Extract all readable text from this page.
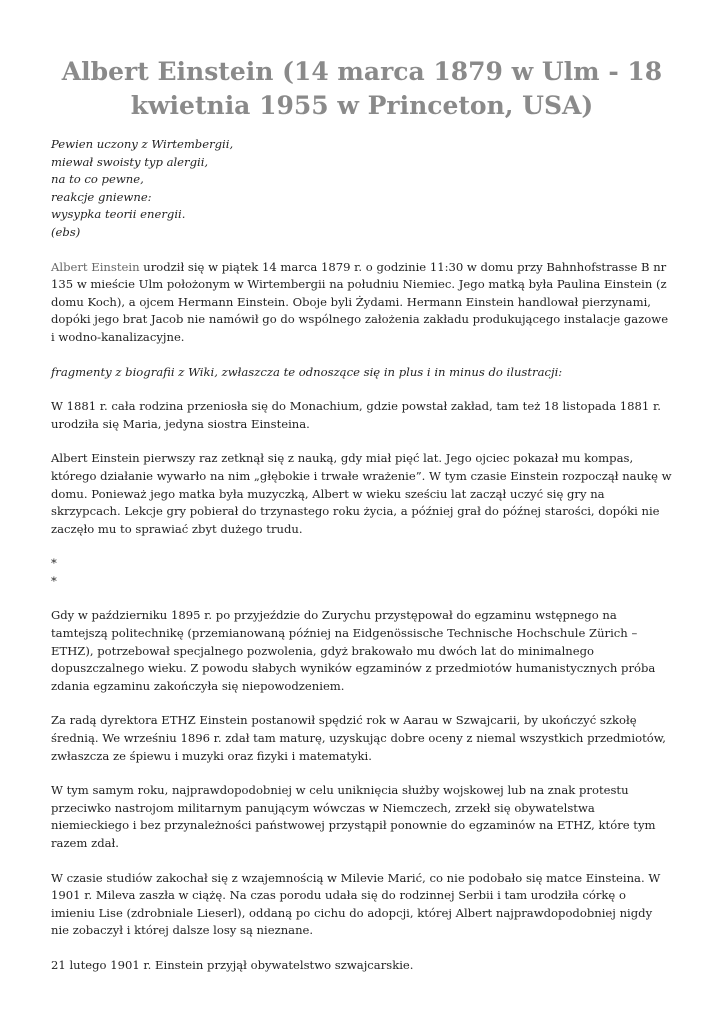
Albert Einstein (14 marca 1879 w Ulm - 18 kwietnia 1955 w Princeton, USA)

Pewien uczony z Wirtembergii,
miewał swoisty typ alergii,
na to co pewne,
reakcje gniewne:
wysypka teorii energii.

(ebs)

Albert Einstein urodził się w piątek 14 marca 1879 r. o godzinie 11:30 w domu przy Bahnhofstrasse B nr 135 w mieście Ulm położonym w Wirtembergii na południu Niemiec. Jego matką była Paulina Einstein (z domu Koch), a ojcem Hermann Einstein. Oboje byli Żydami. Hermann Einstein handlował pierzynami, dopóki jego brat Jacob nie namówił go do wspólnego założenia zakładu produkującego instalacje gazowe i wodno-kanalizacyjne.

fragmenty z biografii z Wiki, zwłaszcza te odnoszące się in plus i in minus do ilustracji:

W 1881 r. cała rodzina przeniosła się do Monachium, gdzie powstał zakład, tam też 18 listopada 1881 r. urodziła się Maria, jedyna siostra Einsteina.

Albert Einstein pierwszy raz zetknął się z nauką, gdy miał pięć lat. Jego ojciec pokazał mu kompas, którego działanie wywarło na nim „głębokie i trwałe wrażenie”. W tym czasie Einstein rozpoczął naukę w domu. Ponieważ jego matka była muzyczką, Albert w wieku sześciu lat zaczął uczyć się gry na skrzypcach. Lekcje gry pobierał do trzynastego roku życia, a później grał do późnej starości, dopóki nie zaczęło mu to sprawiać zbyt dużego trudu.

*
*

Gdy w październiku 1895 r. po przyjeździe do Zurychu przystępował do egzaminu wstępnego na tamtejszą politechnikę (przemianowaną później na Eidgenössische Technische Hochschule Zürich – ETHZ), potrzebował specjalnego pozwolenia, gdyż brakowało mu dwóch lat do minimalnego dopuszczalnego wieku. Z powodu słabych wyników egzaminów z przedmiotów humanistycznych próba zdania egzaminu zakończyła się niepowodzeniem.

Za radą dyrektora ETHZ Einstein postanowił spędzić rok w Aarau w Szwajcarii, by ukończyć szkołę średnią. We wrześniu 1896 r. zdał tam maturę, uzyskując dobre oceny z niemal wszystkich przedmiotów, zwłaszcza ze śpiewu i muzyki oraz fizyki i matematyki.

W tym samym roku, najprawdopodobniej w celu uniknięcia służby wojskowej lub na znak protestu przeciwko nastrojom militarnym panującym wówczas w Niemczech, zrzekł się obywatelstwa niemieckiego i bez przynależności państwowej przystąpił ponownie do egzaminów na ETHZ, które tym razem zdał.

W czasie studiów zakochał się z wzajemnością w Milevie Marić, co nie podobało się matce Einsteina. W 1901 r. Mileva zaszła w ciążę. Na czas porodu udała się do rodzinnej Serbii i tam urodziła córkę o imieniu Lise (zdrobniale Lieserl), oddaną po cichu do adopcji, której Albert najprawdopodobniej nigdy nie zobaczył i której dalsze losy są nieznane.

21 lutego 1901 r. Einstein przyjął obywatelstwo szwajcarskie.
